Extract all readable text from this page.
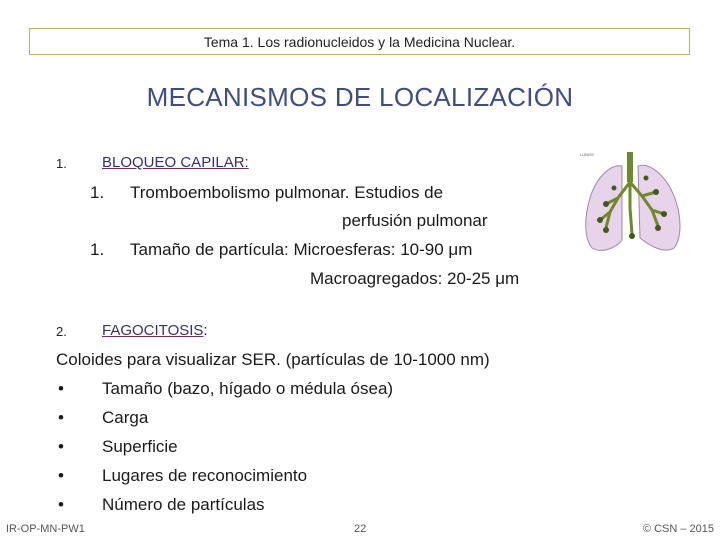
Tema 1. Los radionucleidos y la Medicina Nuclear.
MECANISMOS DE LOCALIZACIÓN
1. BLOQUEO CAPILAR:
1. Tromboembolismo pulmonar. Estudios de
perfusión pulmonar
1. Tamaño de partícula: Microesferas: 10-90 μm
Macroagregados: 20-25 μm
LUNGS
2. FAGOCITOSIS:
Coloides para visualizar SER. (partículas de 10-1000 nm)
• Tamaño (bazo, hígado o médula ósea)
• Carga
• Superficie
• Lugares de reconocimiento
• Número de partículas
IR-OP-MN-PW1	22	© CSN – 2015
